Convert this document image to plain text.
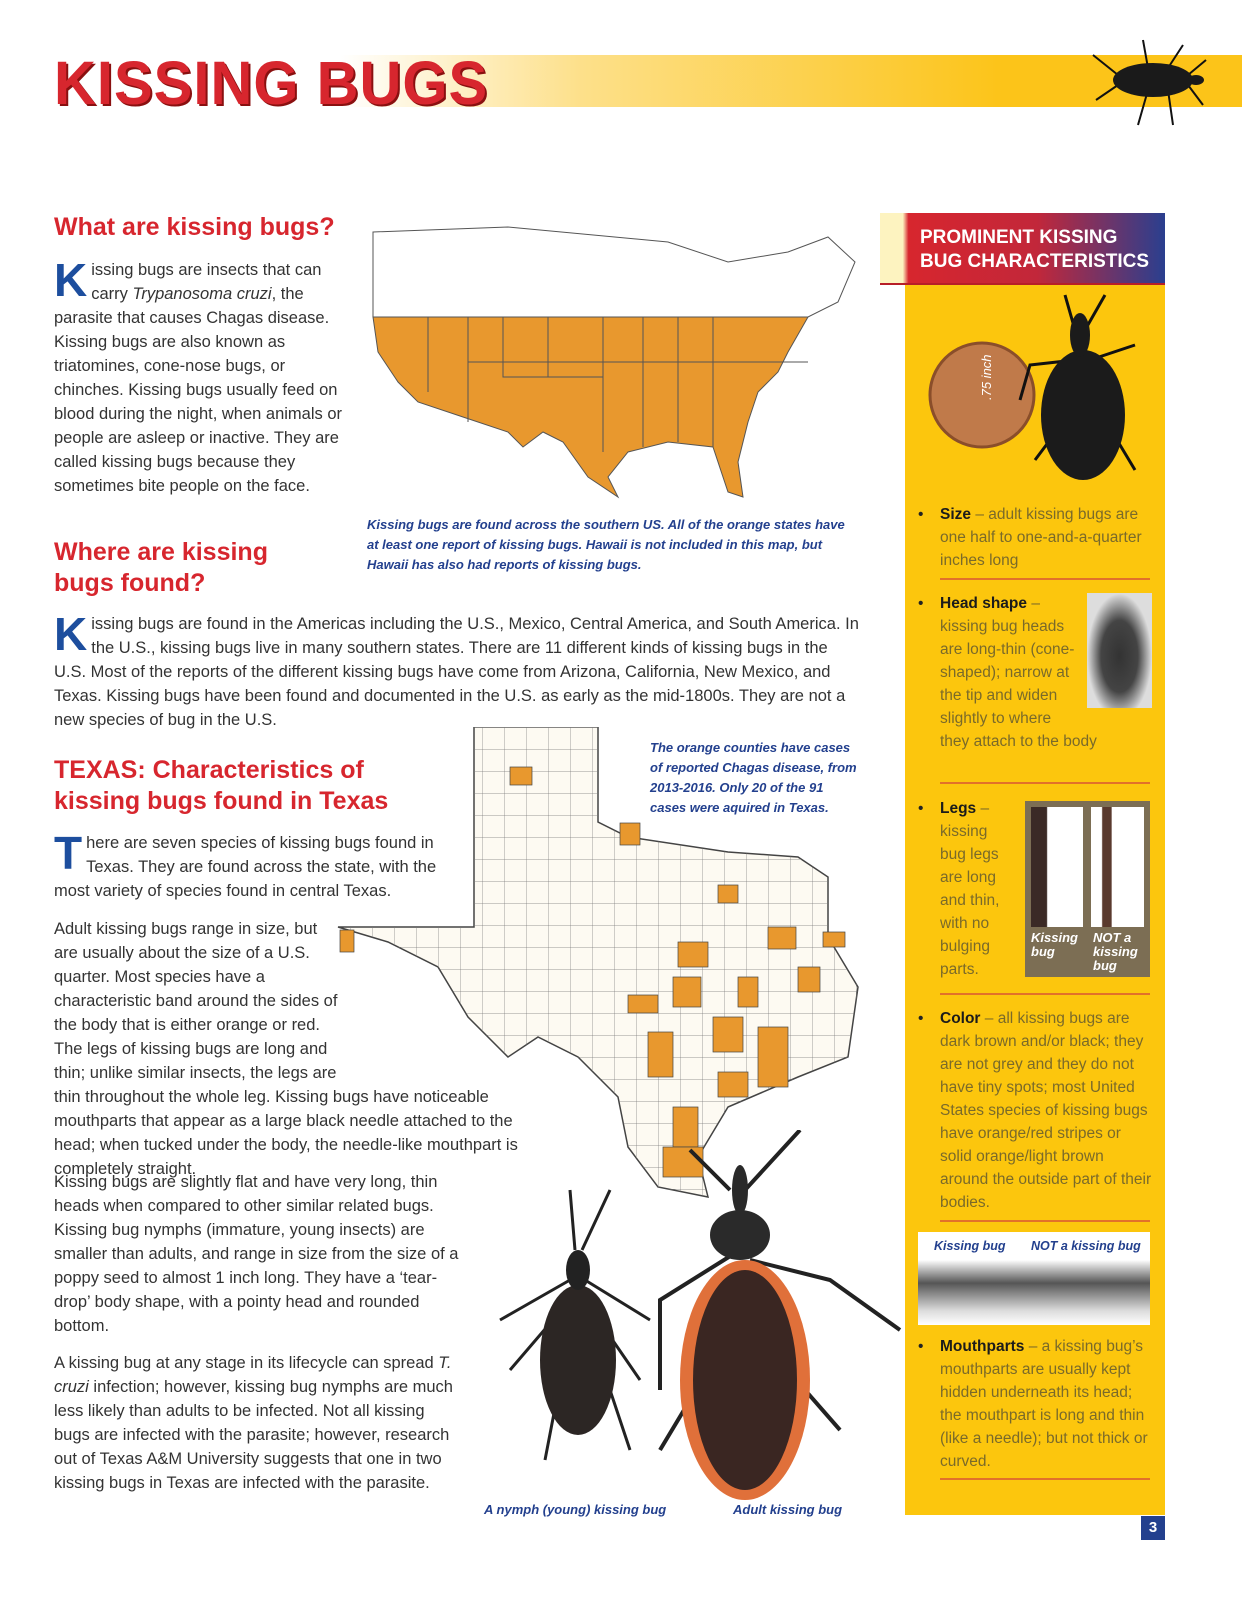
KISSING BUGS
What are kissing bugs?
Kissing bugs are insects that can carry Trypanosoma cruzi, the parasite that causes Chagas disease. Kissing bugs are also known as triatomines, cone-nose bugs, or chinches. Kissing bugs usually feed on blood during the night, when animals or people are asleep or inactive. They are called kissing bugs because they sometimes bite people on the face.
Kissing bugs are found across the southern US. All of the orange states have at least one report of kissing bugs. Hawaii is not included in this map, but Hawaii has also had reports of kissing bugs.
Where are kissing bugs found?
Kissing bugs are found in the Americas including the U.S., Mexico, Central America, and South America. In the U.S., kissing bugs live in many southern states. There are 11 different kinds of kissing bugs in the U.S. Most of the reports of the different kissing bugs have come from Arizona, California, New Mexico, and Texas. Kissing bugs have been found and documented in the U.S. as early as the mid-1800s. They are not a new species of bug in the U.S.
The orange counties have cases of reported Chagas disease, from 2013-2016. Only 20 of the 91 cases were aquired in Texas.
TEXAS: Characteristics of kissing bugs found in Texas
There are seven species of kissing bugs found in Texas. They are found across the state, with the most variety of species found in central Texas.
Adult kissing bugs range in size, but are usually about the size of a U.S. quarter. Most species have a characteristic band around the sides of the body that is either orange or red. The legs of kissing bugs are long and thin; unlike similar insects, the legs are thin throughout the whole leg. Kissing bugs have noticeable mouthparts that appear as a large black needle attached to the head; when tucked under the body, the needle-like mouthpart is completely straight.
Kissing bugs are slightly flat and have very long, thin heads when compared to other similar related bugs. Kissing bug nymphs (immature, young insects) are smaller than adults, and range in size from the size of a poppy seed to almost 1 inch long. They have a ‘tear-drop’ body shape, with a pointy head and rounded bottom.
A kissing bug at any stage in its lifecycle can spread T. cruzi infection; however, kissing bug nymphs are much less likely than adults to be infected. Not all kissing bugs are infected with the parasite; however, research out of Texas A&M University suggests that one in two kissing bugs in Texas are infected with the parasite.
A nymph (young) kissing bug	Adult kissing bug
PROMINENT KISSING BUG CHARACTERISTICS
.75 inch
• Size – adult kissing bugs are one half to one-and-a-quarter inches long
• Head shape – kissing bug heads are long-thin (cone-shaped); narrow at the tip and widen slightly to where they attach to the body
• Legs – kissing bug legs are long and thin, with no bulging parts.
Kissing bug
NOT a kissing bug
• Color – all kissing bugs are dark brown and/or black; they are not grey and they do not have tiny spots; most United States species of kissing bugs have orange/red stripes or solid orange/light brown around the outside part of their bodies.
Kissing bug NOT a kissing bug
• Mouthparts – a kissing bug’s mouthparts are usually kept hidden underneath its head; the mouthpart is long and thin (like a needle); but not thick or curved.
3
